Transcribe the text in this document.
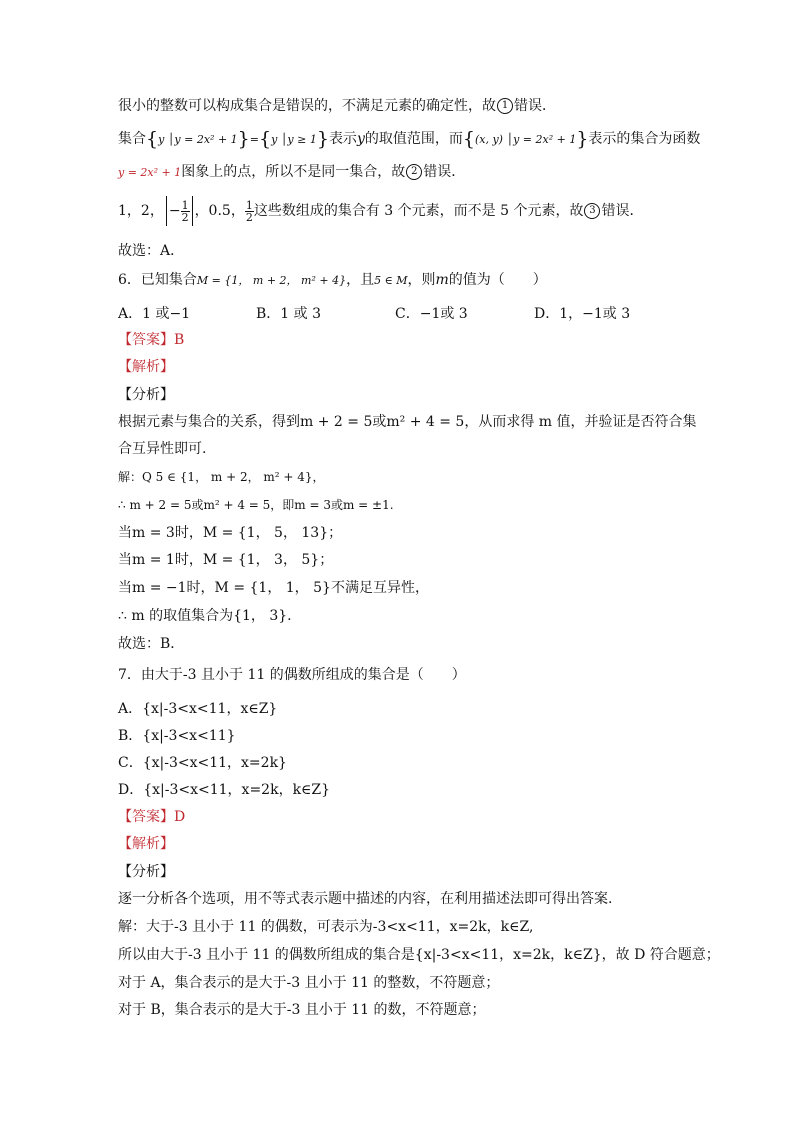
很小的整数可以构成集合是错误的，不满足元素的确定性，故 1 错误．
集合{y │y = 2x² + 1}={y │y ≥ 1}表示y的取值范围，而{(x, y) │y = 2x² + 1}表示的集合为函数
y = 2x² + 1图象上的点，所以不是同一集合，故 2 错误．
1，2， − $\frac{1}{2}$ ，0.5， $\frac{1}{2}$ 这些数组成的集合有 3 个元素，而不是 5 个元素，故 3 错误．
故选：A．
6．已知集合M = {1， m + 2， m² + 4}，且5 ∈ M，则m的值为（　　）
A．1 或−1	B．1 或 3	C．−1或 3	D．1，−1或 3
【答案】B
【解析】
【分析】
根据元素与集合的关系，得到m + 2 = 5或m² + 4 = 5，从而求得 m 值，并验证是否符合集
合互异性即可.
解：Q 5 ∈ {1， m + 2， m² + 4}，
∴ m + 2 = 5或m² + 4 = 5，即m = 3或m = ±1.
当m = 3时，M = {1， 5， 13}；
当m = 1时，M = {1， 3， 5}；
当m = −1时，M = {1， 1， 5}不满足互异性，
∴ m 的取值集合为{1， 3}.
故选：B．
7．由大于-3 且小于 11 的偶数所组成的集合是（　　）
A．{x|-3<x<11，x∈Z}
B．{x|-3<x<11}
C．{x|-3<x<11，x=2k}
D．{x|-3<x<11，x=2k，k∈Z}
【答案】D
【解析】
【分析】
逐一分析各个选项，用不等式表示题中描述的内容，在利用描述法即可得出答案.
解：大于-3 且小于 11 的偶数，可表示为-3<x<11，x=2k，k∈Z,
所以由大于-3 且小于 11 的偶数所组成的集合是{x|-3<x<11，x=2k，k∈Z}，故 D 符合题意；
对于 A，集合表示的是大于-3 且小于 11 的整数，不符题意；
对于 B，集合表示的是大于-3 且小于 11 的数，不符题意；
